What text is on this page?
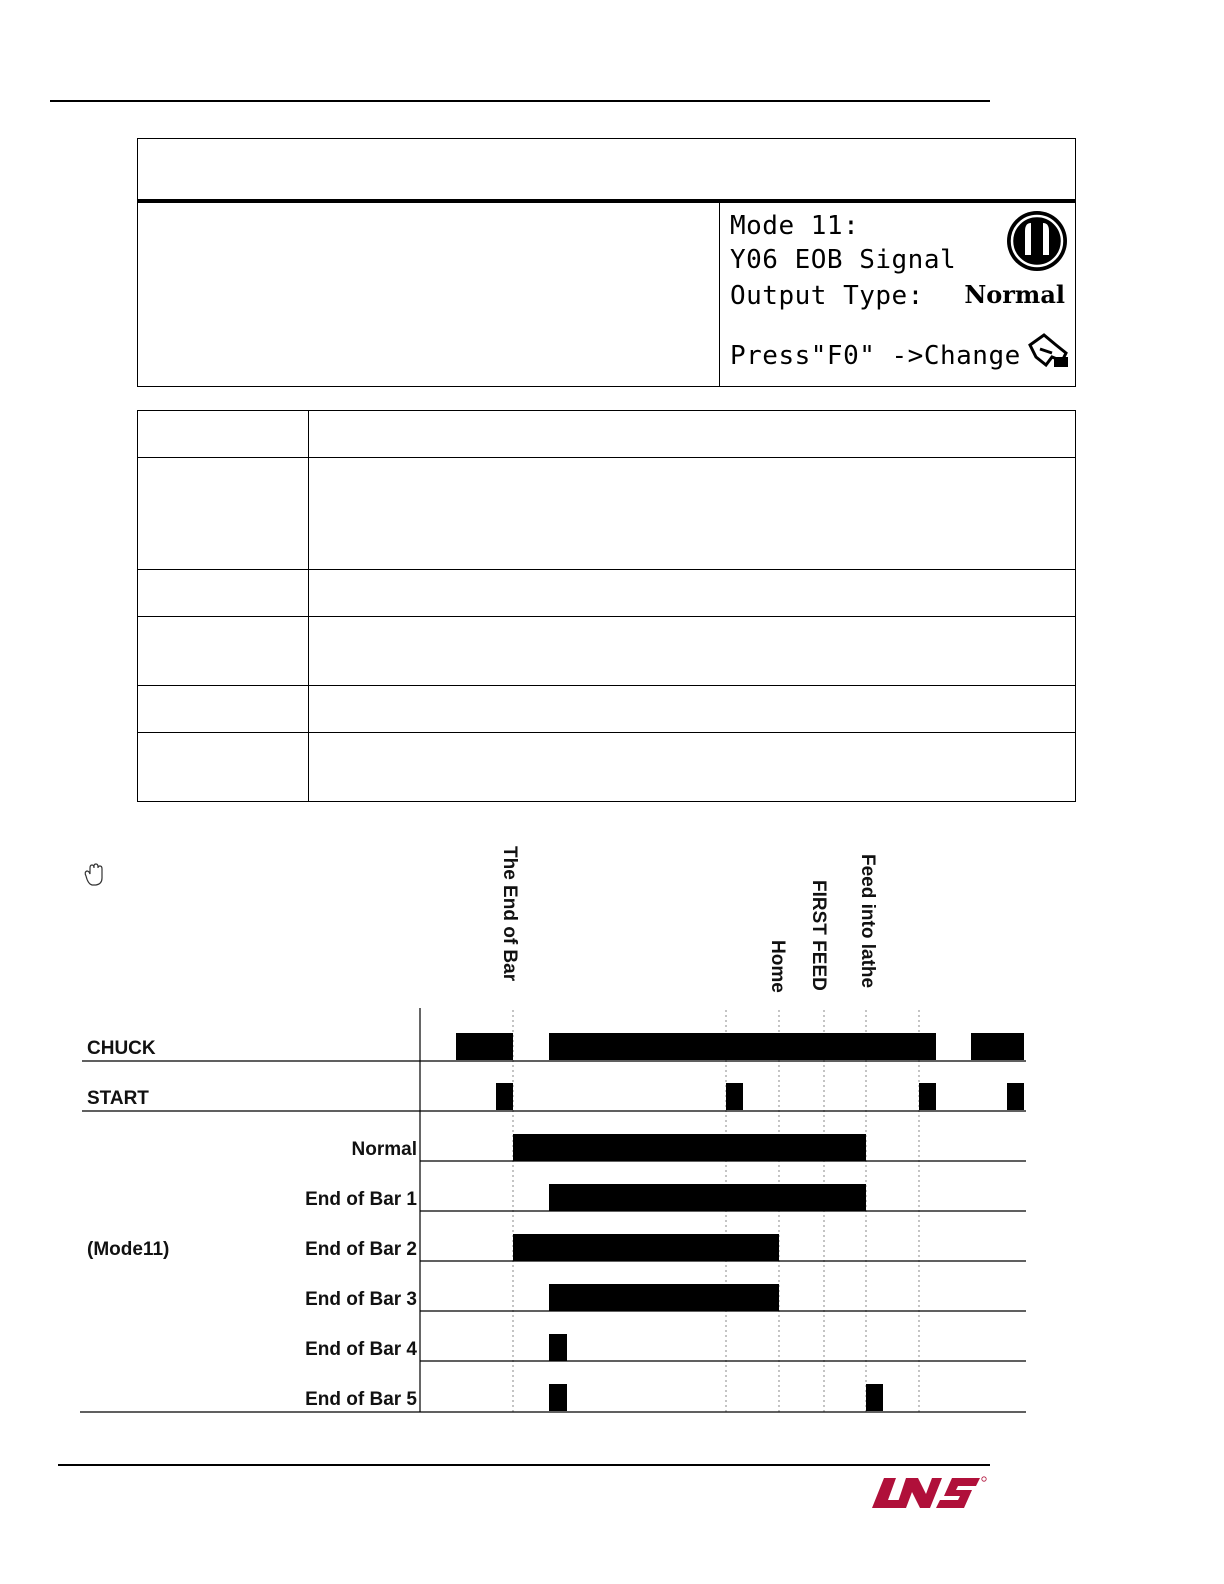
Mode 11:
Y06 EOB Signal
Output Type: Normal
Press"F0" ->Change

The End of Bar	Home FIRST FEED Feed into lathe
CHUCK
START
Normal
End of Bar 1
End of Bar 2
End of Bar 3
End of Bar 4
End of Bar 5
(Mode11)
